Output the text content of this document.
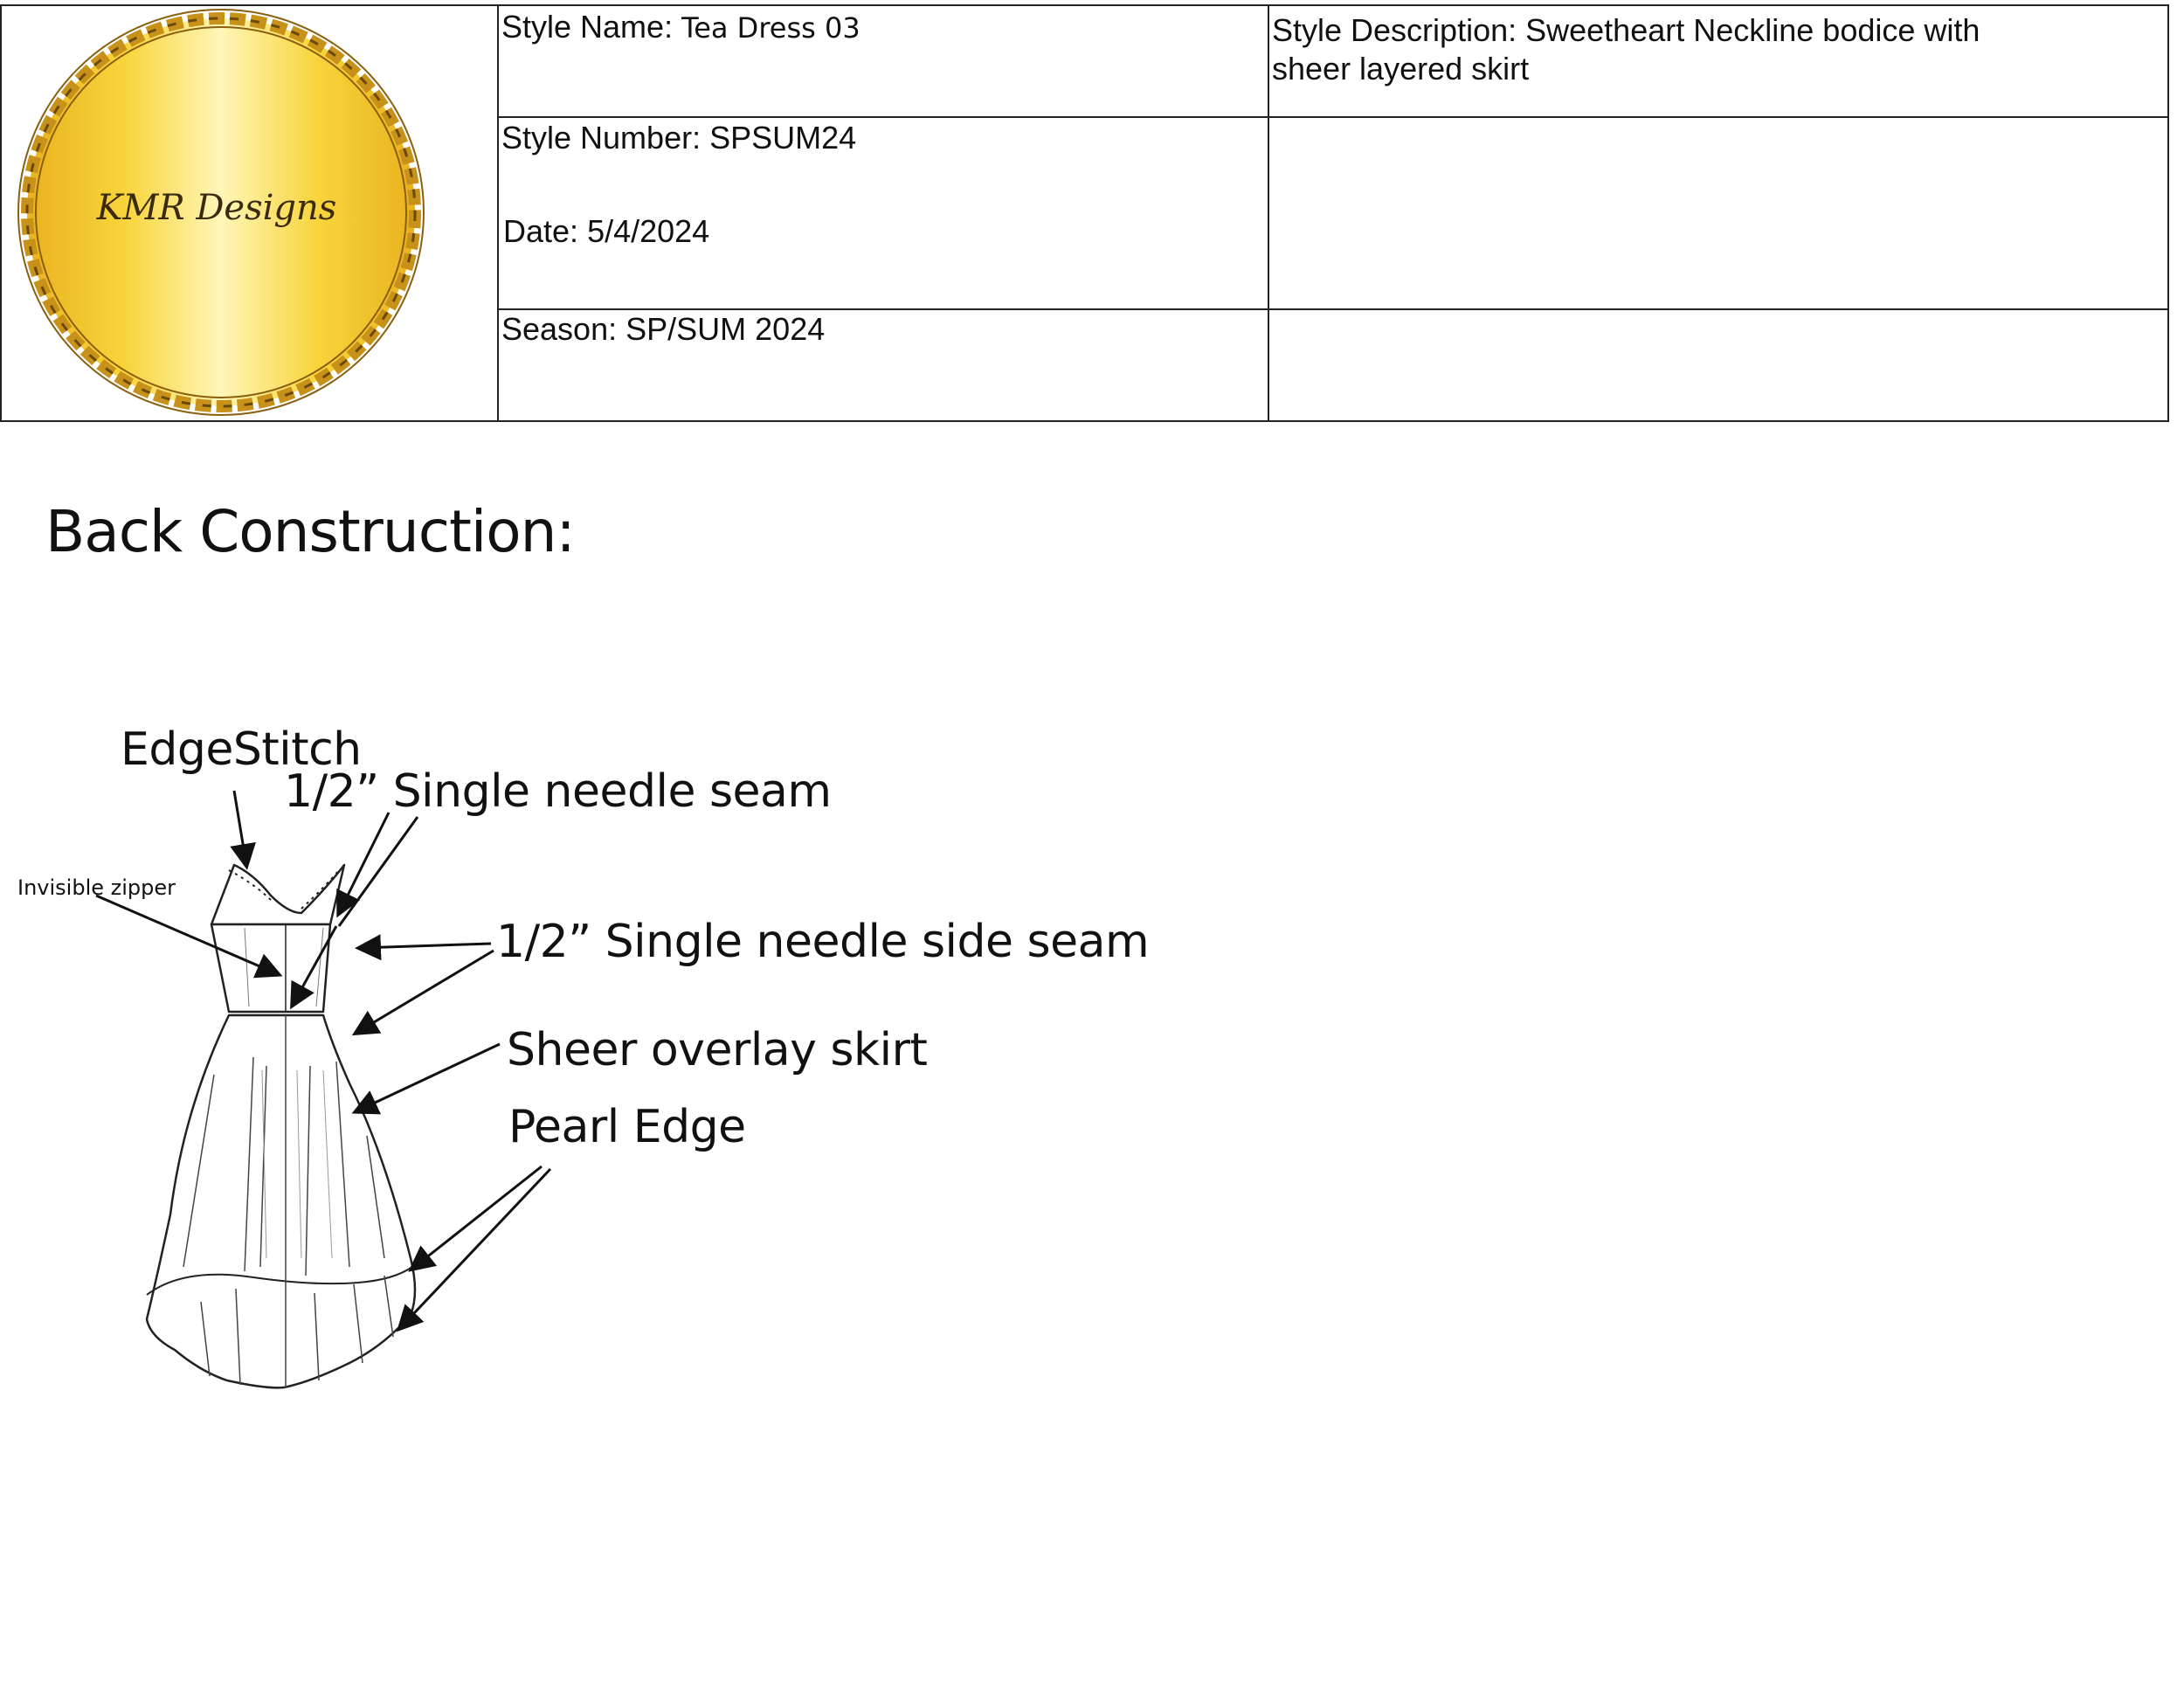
Style Name: Tea Dress 03
Style Number: SPSUM24
Date: 5/4/2024
Season: SP/SUM 2024
Style Description: Sweetheart Neckline bodice with
sheer layered skirt
KMR Designs
Back Construction:
EdgeStitch
1/2” Single needle seam
Invisible zipper
1/2” Single needle side seam
Sheer overlay skirt
Pearl Edge
